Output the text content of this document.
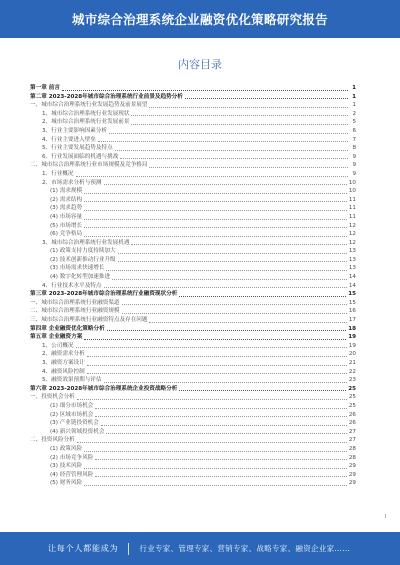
城市综合治理系统企业融资优化策略研究报告
内容目录
第一章 前言	1
第二章 2023-2028年城市综合治理系统行业前景及趋势分析	1
一、城市综合治理系统行业发展趋势及前景展望	1
1、城市综合治理系统行业发展现状	2
2、城市综合治理系统行业发展前景	5
3、行业主要影响因素分析	6
4、行业主要进入壁垒	7
5、行业主要发展趋势及特点	8
6、行业发展面临的机遇与挑战	9
二、城市综合治理系统行业市场规模及竞争格局	9
1、行业概况	9
2、市场需求分析与预测	10
(1) 需求规模	10
(2) 需求结构	11
(3) 需求趋势	11
(4) 市场容量	11
(5) 市场增长	12
(6) 竞争格局	12
3、城市综合治理系统行业发展机遇	12
(1) 政策支持力度持续加大	13
(2) 技术创新推动行业升级	13
(3) 市场需求快速增长	13
(4) 数字化转型加速推进	14
4、行业技术水平及特点	14
第三章 2023-2028年城市综合治理系统行业融资现状分析	15
一、城市综合治理系统行业融资渠道	15
二、城市综合治理系统行业融资规模	16
三、城市综合治理系统行业融资特点及存在问题	17
第四章 企业融资优化策略分析	18
第五章 企业融资方案	19
1、公司概况	19
2、融资需求分析	20
3、融资方案设计	21
4、融资风险控制	22
5、融资效果预期与评估	23
第六章 2023-2028年城市综合治理系统企业投资战略分析	25
一、投资机会分析	25
(1) 细分市场机会	25
(2) 区域市场机会	26
(3) 产业链投资机会	26
(4) 新兴领域投资机会	27
二、投资风险分析	27
(1) 政策风险	28
(2) 市场竞争风险	28
(3) 技术风险	29
(4) 经营管理风险	29
(5) 财务风险	29
I
让每个人都能成为	行业专家、管理专家、营销专家、战略专家、融资企业家……
